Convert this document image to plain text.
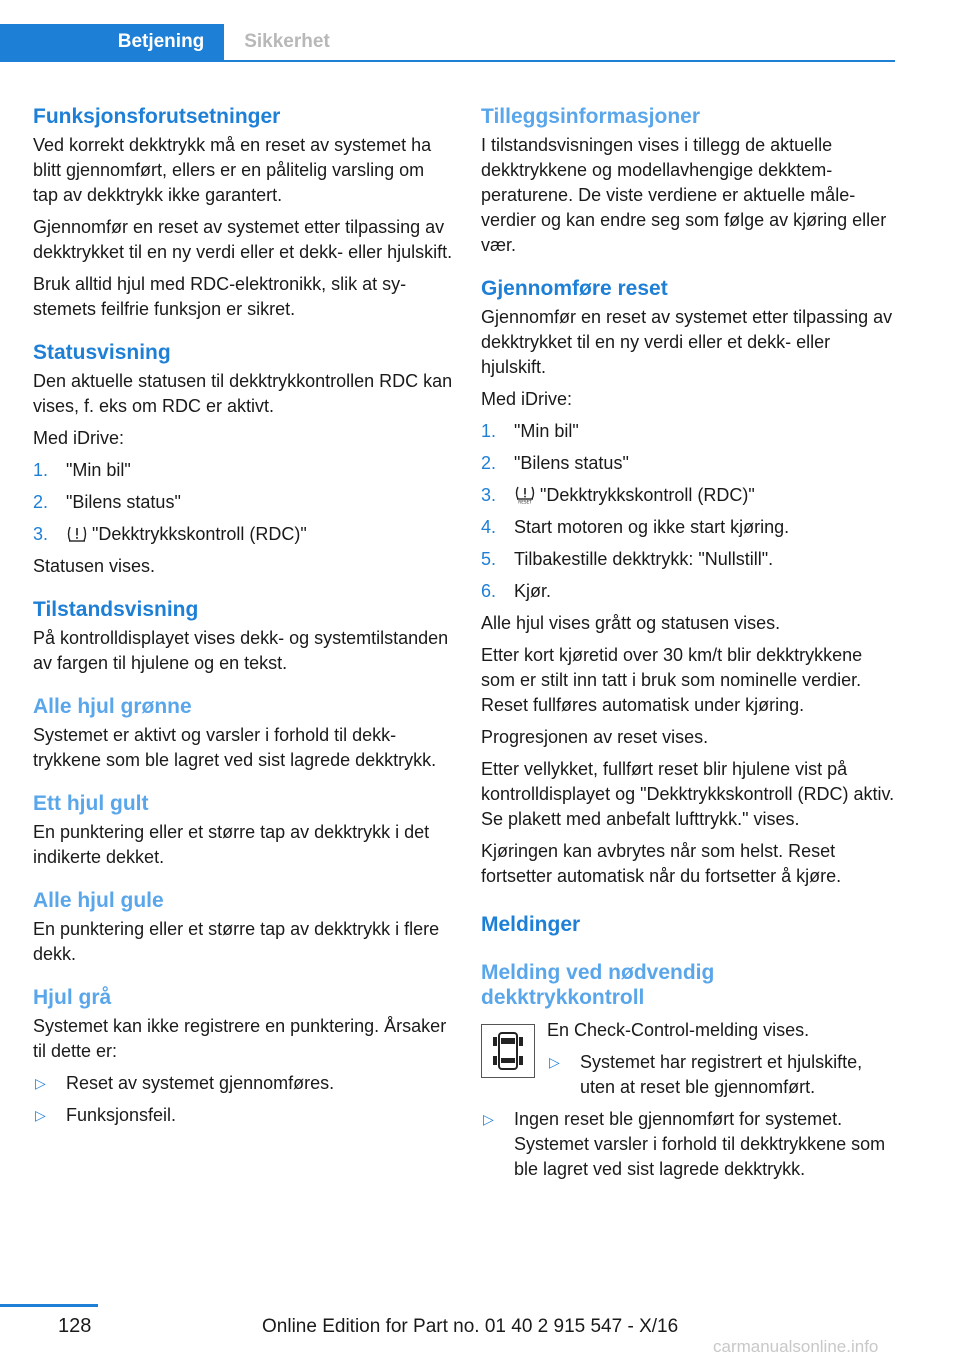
Betjening	Sikkerhet
Funksjonsforutsetninger

Ved korrekt dekktrykk må en reset av systemet ha blitt gjennomført, ellers er en pålitelig varsling om tap av dekktrykk ikke garantert.

Gjennomfør en reset av systemet etter tilpassing av dekktrykket til en ny verdi eller et dekk- eller hjulskift.

Bruk alltid hjul med RDC-elektronikk, slik at systemets feilfrie funksjon er sikret.

Statusvisning

Den aktuelle statusen til dekktrykkontrollen RDC kan vises, f. eks om RDC er aktivt.

Med iDrive:

1. "Min bil"
2. "Bilens status"
3. "Dekktrykkskontroll (RDC)"

Statusen vises.

Tilstandsvisning

På kontrolldisplayet vises dekk- og systemtilstanden av fargen til hjulene og en tekst.

Alle hjul grønne

Systemet er aktivt og varsler i forhold til dekktrykkene som ble lagret ved sist lagrede dekktrykk.

Ett hjul gult

En punktering eller et større tap av dekktrykk i det indikerte dekket.

Alle hjul gule

En punktering eller et større tap av dekktrykk i flere dekk.

Hjul grå

Systemet kan ikke registrere en punktering. Årsaker til dette er:

▷ Reset av systemet gjennomføres.
▷ Funksjonsfeil.
Tilleggsinformasjoner

I tilstandsvisningen vises i tillegg de aktuelle dekktrykkene og modellavhengige dekktemperaturene. De viste verdiene er aktuelle måleverdier og kan endre seg som følge av kjøring eller vær.

Gjennomføre reset

Gjennomfør en reset av systemet etter tilpassing av dekktrykket til en ny verdi eller et dekk- eller hjulskift.

Med iDrive:

1. "Min bil"
2. "Bilens status"
3.	RESET "Dekktrykkskontroll (RDC)"
4. Start motoren og ikke start kjøring.
5. Tilbakestille dekktrykk: "Nullstill".
6. Kjør.

Alle hjul vises grått og statusen vises.

Etter kort kjøretid over 30 km/t blir dekktrykkene som er stilt inn tatt i bruk som nominelle verdier. Reset fullføres automatisk under kjøring.

Progresjonen av reset vises.

Etter vellykket, fullført reset blir hjulene vist på kontrolldisplayet og "Dekktrykkskontroll (RDC) aktiv. Se plakett med anbefalt lufttrykk." vises.

Kjøringen kan avbrytes når som helst. Reset fortsetter automatisk når du fortsetter å kjøre.

Meldinger
Melding ved nødvendig dekktrykkontroll

En Check-Control-melding vises.

▷ Systemet har registrert et hjulskifte, uten at reset ble gjennomført.
▷ Ingen reset ble gjennomført for systemet. Systemet varsler i forhold til dekktrykkene som ble lagret ved sist lagrede dekktrykk.
128	Online Edition for Part no. 01 40 2 915 547 - X/16
carmanualsonline.info
